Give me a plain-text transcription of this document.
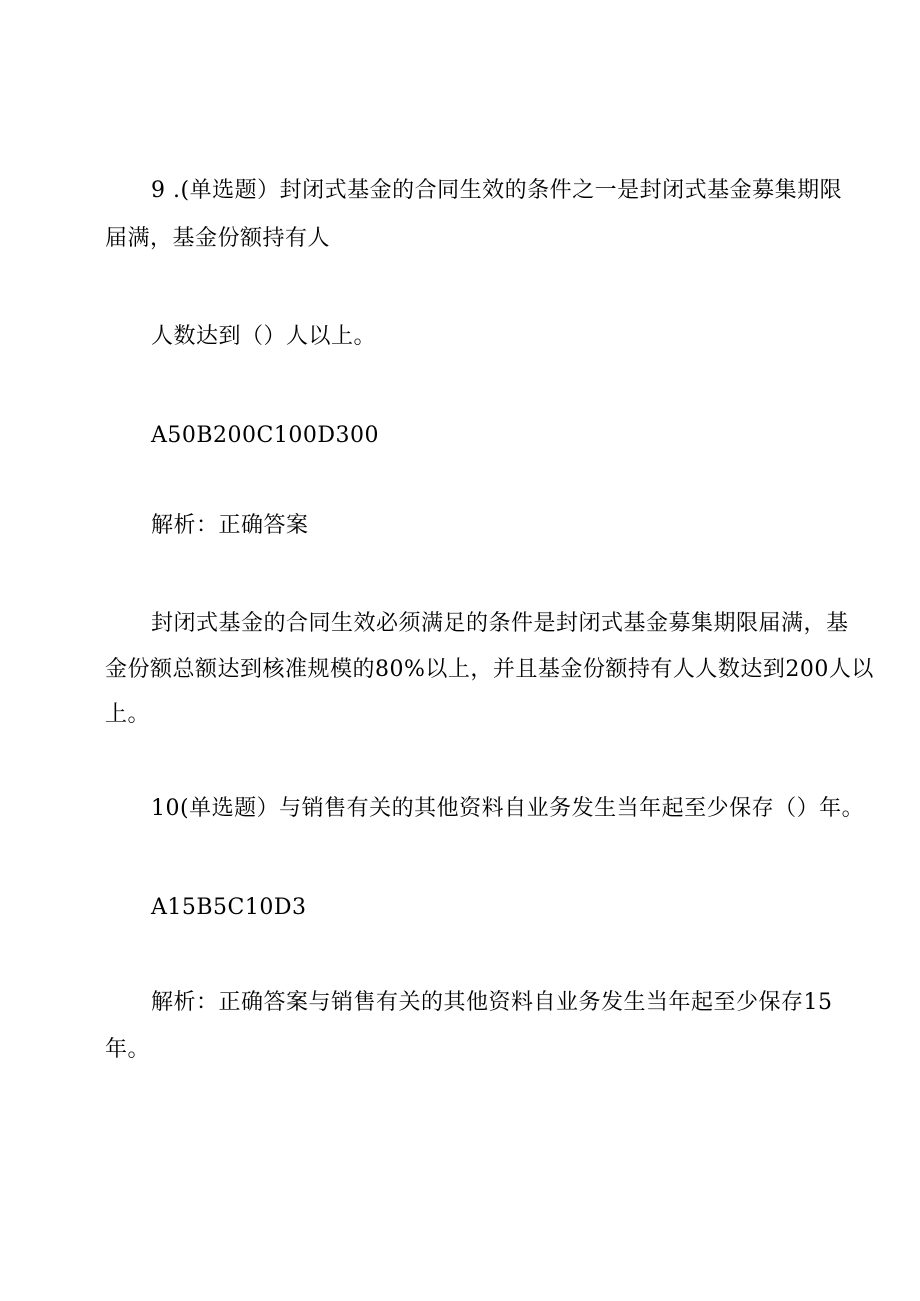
9 .(单选题）封闭式基金的合同生效的条件之一是封闭式基金募集期限

届满，基金份额持有人

人数达到（）人以上。

A50B200C100D300

解析：正确答案

封闭式基金的合同生效必须满足的条件是封闭式基金募集期限届满，基

金份额总额达到核准规模的80%以上，并且基金份额持有人人数达到200人以

上。

10(单选题）与销售有关的其他资料自业务发生当年起至少保存（）年。

A15B5C10D3

解析：正确答案与销售有关的其他资料自业务发生当年起至少保存15

年。
